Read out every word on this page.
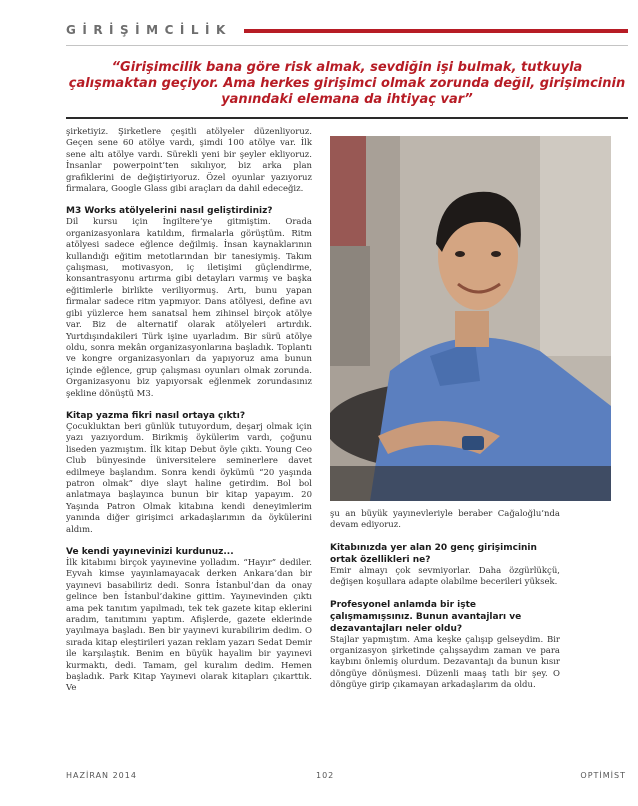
GİRİŞİMCİLİK
“Girişimcilik bana göre risk almak, sevdiğin işi bulmak, tutkuyla çalışmaktan geçiyor. Ama herkes girişimci olmak zorunda değil, girişimcinin yanındaki elemana da ihtiyaç var”

şirketiyiz. Şirketlere çeşitli atölyeler düzenliyoruz. Geçen sene 60 atölye vardı, şimdi 100 atölye var. İlk sene altı atölye vardı. Sürekli yeni bir şeyler ekliyoruz. İnsanlar powerpoint’ten sıkılıyor, biz arka plan grafiklerini de değiştiriyoruz. Özel oyunlar yazıyoruz firmalara, Google Glass gibi araçları da dahil edeceğiz.

M3 Works atölyelerini nasıl geliştirdiniz?

Dil kursu için İngiltere’ye gitmiştim. Orada organizasyonlara katıldım, firmalarla görüştüm. Ritm atölyesi sadece eğlence değilmiş. İnsan kaynaklarının kullandığı eğitim metotlarından bir tanesiymiş. Takım çalışması, motivasyon, iç iletişimi güçlendirme, konsantrasyonu artırma gibi detayları varmış ve başka eğitimlerle birlikte veriliyormuş. Artı, bunu yapan firmalar sadece ritm yapmıyor. Dans atölyesi, define avı gibi yüzlerce hem sanatsal hem zihinsel birçok atölye var. Biz de alternatif olarak atölyeleri artırdık. Yurtdışındakileri Türk işine uyarladım. Bir sürü atölye oldu, sonra mekân organizasyonlarına başladık. Toplantı ve kongre organizasyonları da yapıyoruz ama bunun içinde eğlence, grup çalışması oyunları olmak zorunda. Organizasyonu biz yapıyorsak eğlenmek zorundasınız şekline dönüştü M3.

Kitap yazma fikri nasıl ortaya çıktı?

Çocukluktan beri günlük tutuyordum, deşarj olmak için yazı yazıyordum. Birikmiş öykülerim vardı, çoğunu liseden yazmıştım. İlk kitap Debut öyle çıktı. Young Ceo Club bünyesinde üniversitelere seminerlere davet edilmeye başlandım. Sonra kendi öykümü “20 yaşında patron olmak” diye slayt haline getirdim. Bol bol anlatmaya başlayınca bunun bir kitap yapayım. 20 Yaşında Patron Olmak kitabına kendi deneyimlerim yanında diğer girişimci arkadaşlarımın da öykülerini aldım.

Ve kendi yayınevinizi kurdunuz...

İlk kitabımı birçok yayınevine yolladım. “Hayır” dediler. Eyvah kimse yayınlamayacak derken Ankara’dan bir yayınevi basabiliriz dedi. Sonra İstanbul’dan da onay gelince ben İstanbul’dakine gittim. Yayınevinden çıktı ama pek tanıtım yapılmadı, tek tek gazete kitap eklerini aradım, tanıtımını yaptım. Afişlerde, gazete eklerinde yayılmaya başladı. Ben bir yayınevi kurabilirim dedim. O sırada kitap eleştirileri yazan reklam yazarı Sedat Demir ile karşılaştık. Benim en büyük hayalim bir yayınevi kurmaktı, dedi. Tamam, gel kuralım dedim. Hemen başladık. Park Kitap Yayınevi olarak kitapları çıkarttık. Ve

şu an büyük yayınevleriyle beraber Cağaloğlu’nda devam ediyoruz.

Kitabınızda yer alan 20 genç girişimcinin ortak özellikleri ne?

Emir almayı çok sevmiyorlar. Daha özgürlükçü, değişen koşullara adapte olabilme becerileri yüksek.

Profesyonel anlamda bir işte çalışmamışsınız. Bunun avantajları ve dezavantajları neler oldu?

Stajlar yapmıştım. Ama keşke çalışıp gelseydim. Bir organizasyon şirketinde çalışsaydım zaman ve para kaybını önlemiş olurdum. Dezavantajı da bunun kısır döngüye dönüşmesi. Düzenli maaş tatlı bir şey. O döngüye girip çıkamayan arkadaşlarım da oldu.

HAZİRAN 2014	102	OPTİMİST
